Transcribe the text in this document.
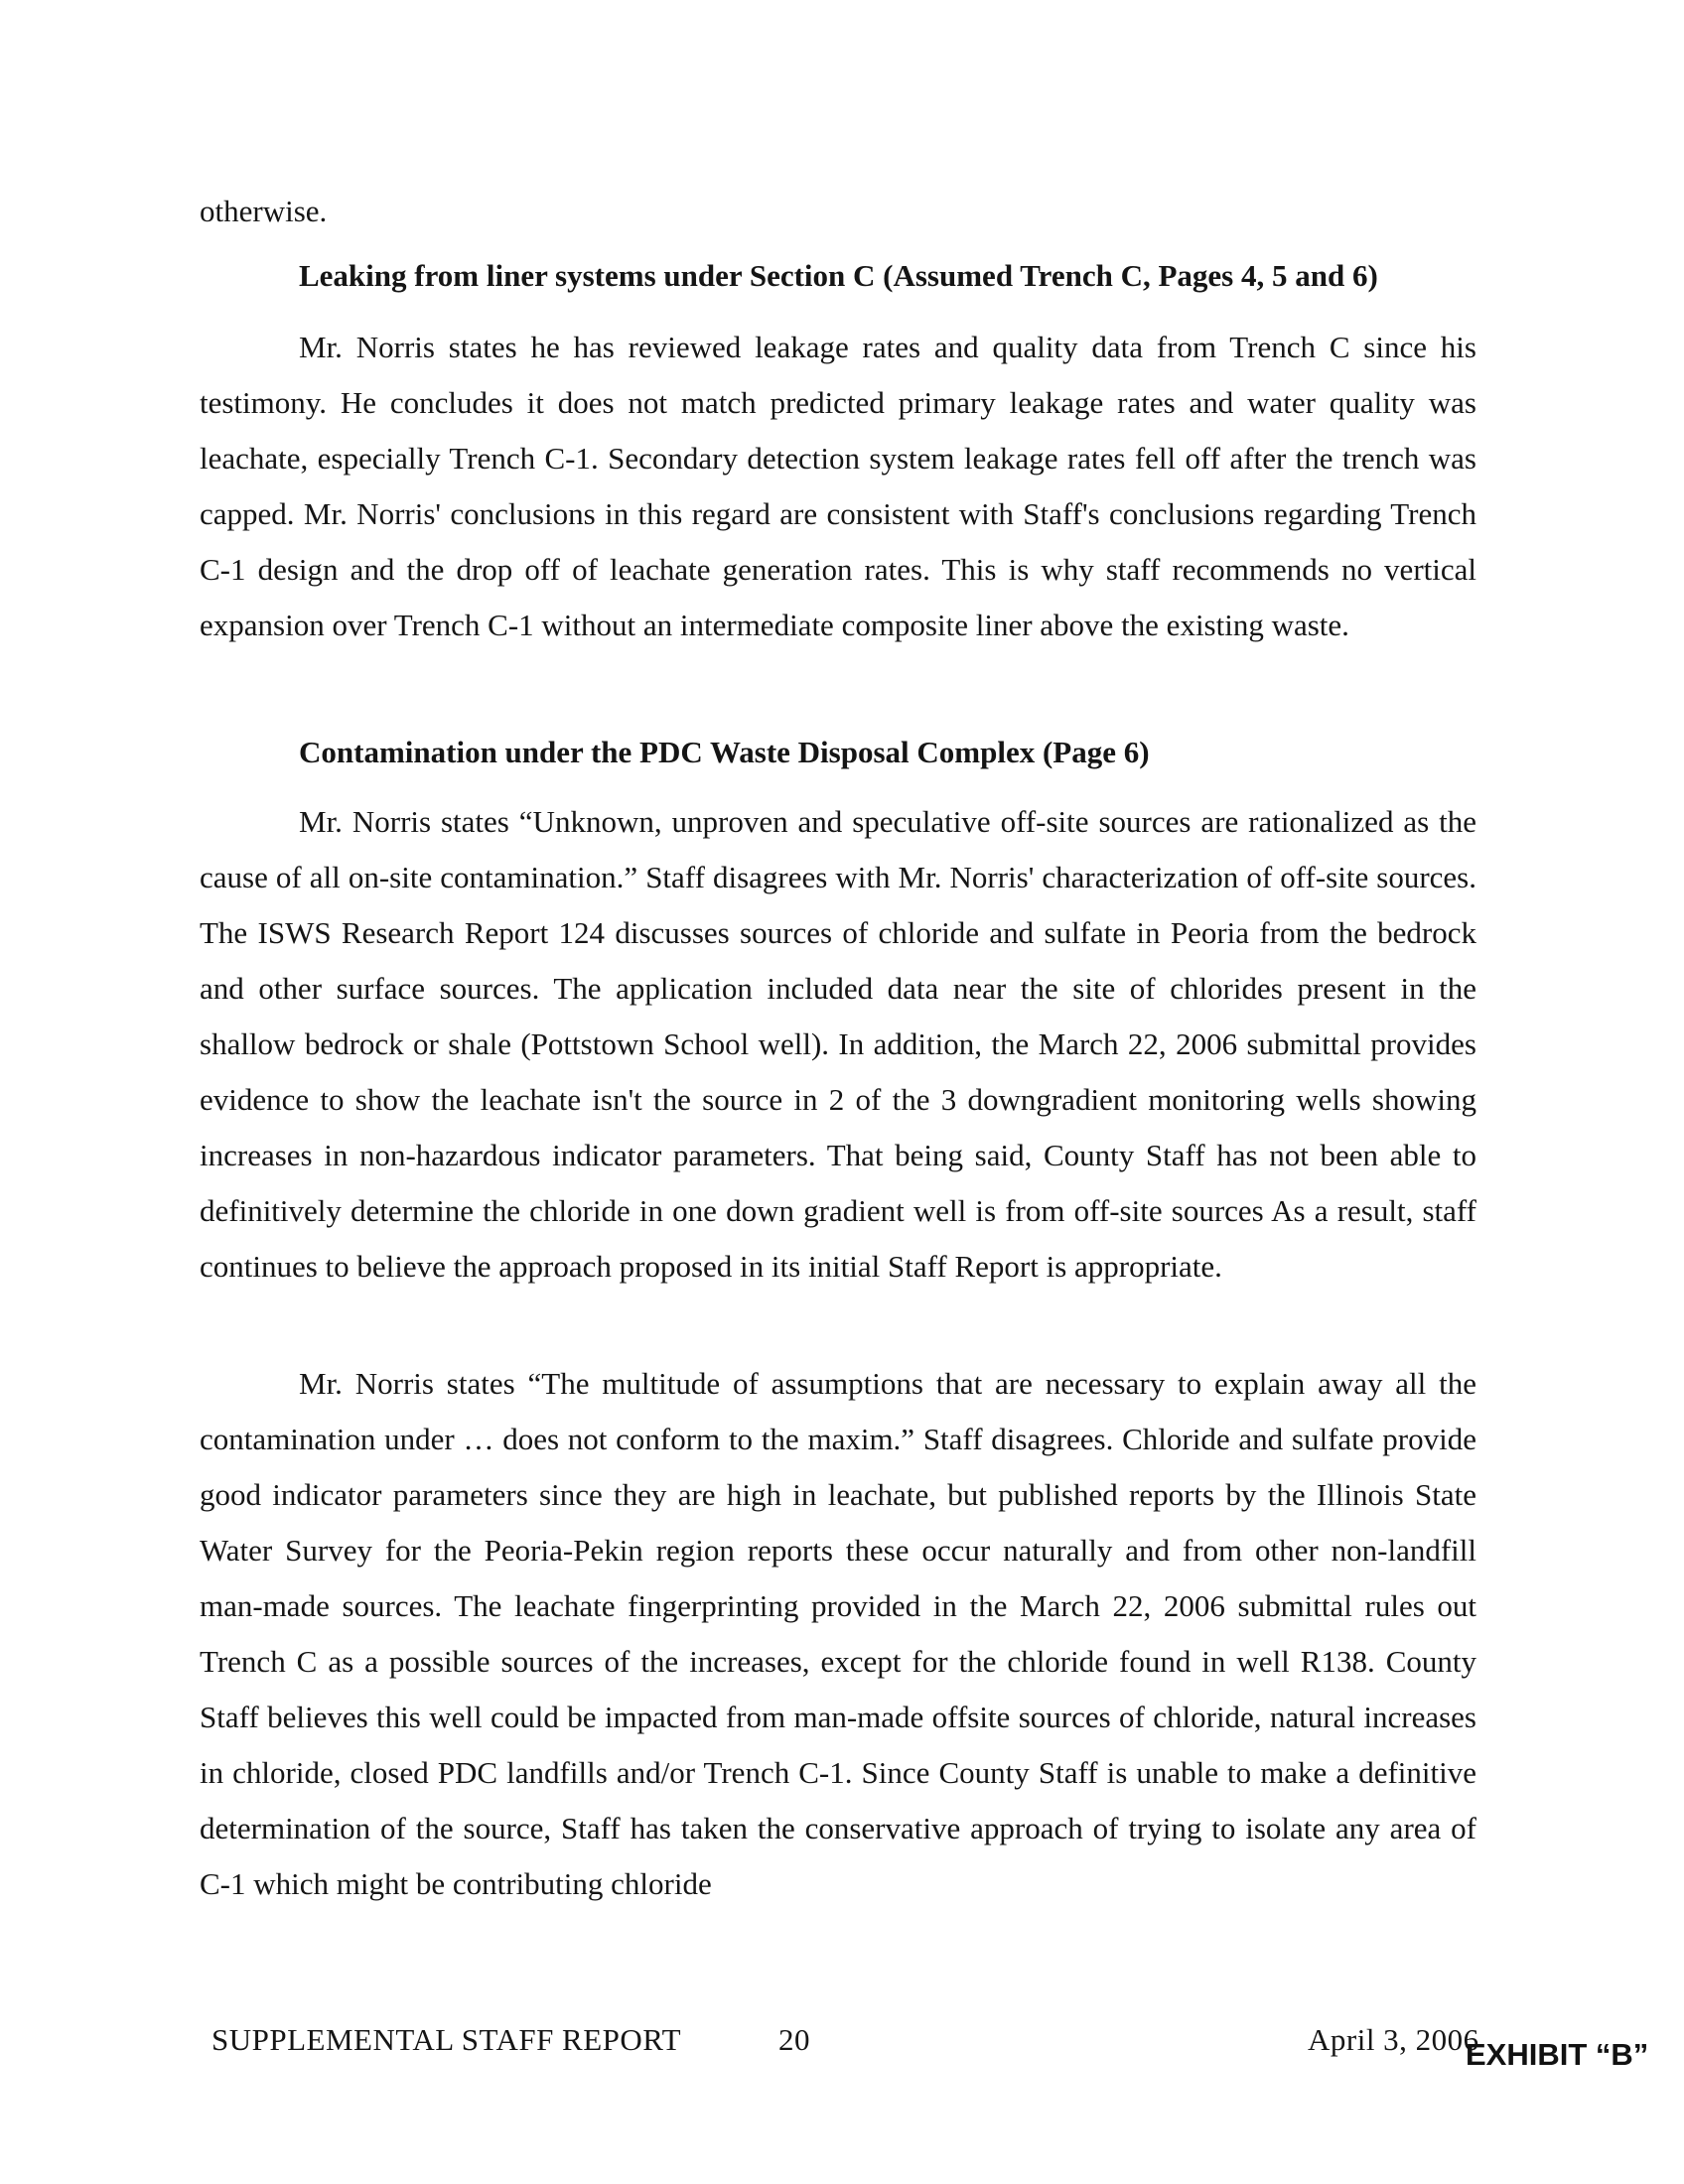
otherwise.

Leaking from liner systems under Section C (Assumed Trench C, Pages 4, 5 and 6)

Mr. Norris states he has reviewed leakage rates and quality data from Trench C since his testimony. He concludes it does not match predicted primary leakage rates and water quality was leachate, especially Trench C-1. Secondary detection system leakage rates fell off after the trench was capped. Mr. Norris' conclusions in this regard are consistent with Staff's conclusions regarding Trench C-1 design and the drop off of leachate generation rates. This is why staff recommends no vertical expansion over Trench C-1 without an intermediate composite liner above the existing waste.

Contamination under the PDC Waste Disposal Complex (Page 6)

Mr. Norris states “Unknown, unproven and speculative off-site sources are rationalized as the cause of all on-site contamination.” Staff disagrees with Mr. Norris' characterization of off-site sources. The ISWS Research Report 124 discusses sources of chloride and sulfate in Peoria from the bedrock and other surface sources. The application included data near the site of chlorides present in the shallow bedrock or shale (Pottstown School well). In addition, the March 22, 2006 submittal provides evidence to show the leachate isn't the source in 2 of the 3 downgradient monitoring wells showing increases in non-hazardous indicator parameters. That being said, County Staff has not been able to definitively determine the chloride in one down gradient well is from off-site sources As a result, staff continues to believe the approach proposed in its initial Staff Report is appropriate.

Mr. Norris states “The multitude of assumptions that are necessary to explain away all the contamination under … does not conform to the maxim.” Staff disagrees. Chloride and sulfate provide good indicator parameters since they are high in leachate, but published reports by the Illinois State Water Survey for the Peoria-Pekin region reports these occur naturally and from other non-landfill man-made sources. The leachate fingerprinting provided in the March 22, 2006 submittal rules out Trench C as a possible sources of the increases, except for the chloride found in well R138. County Staff believes this well could be impacted from man-made offsite sources of chloride, natural increases in chloride, closed PDC landfills and/or Trench C-1. Since County Staff is unable to make a definitive determination of the source, Staff has taken the conservative approach of trying to isolate any area of C-1 which might be contributing chloride

SUPPLEMENTAL STAFF REPORT	20	April 3, 2006
EXHIBIT “B”
